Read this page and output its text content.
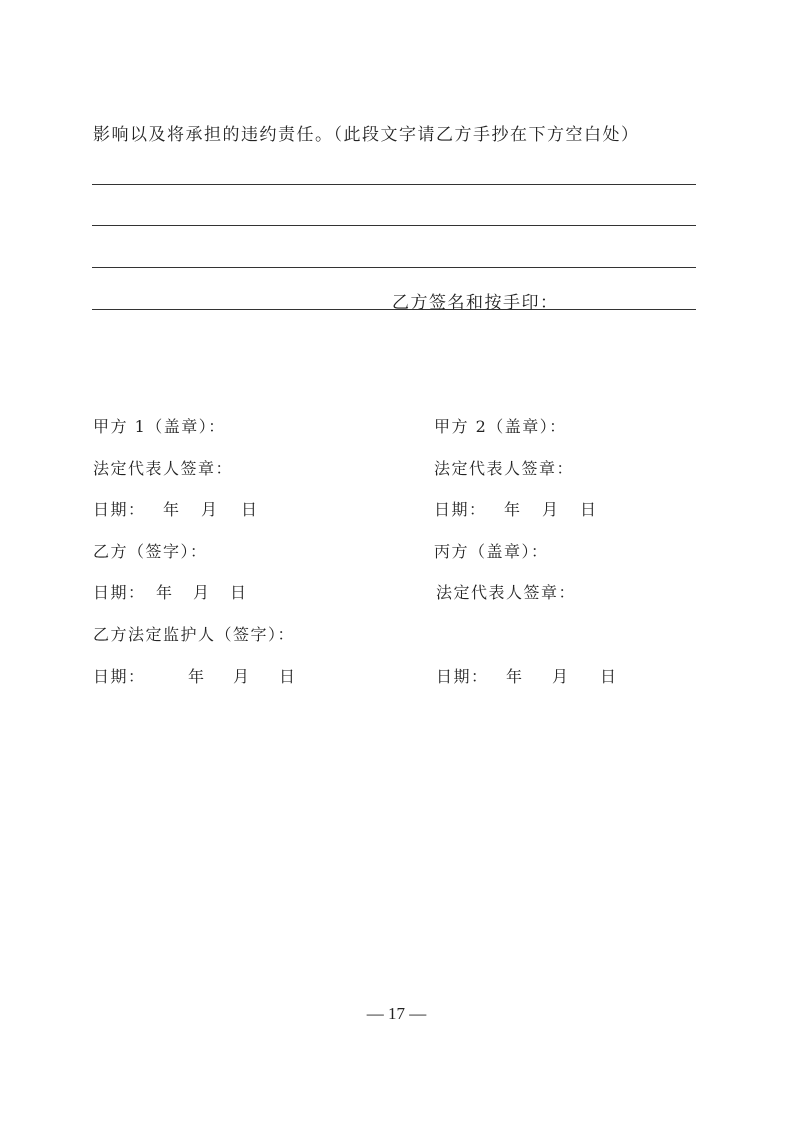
影响以及将承担的违约责任。（此段文字请乙方手抄在下方空白处）

乙方签名和按手印：
甲方 1（盖章）：
法定代表人签章：
日期： 年 月 日
乙方（签字）：
日期： 年 月 日
乙方法定监护人（签字）：
日期：	年 月 日
甲方 2（盖章）：
法定代表人签章：
日期： 年 月 日
丙方（盖章）：
法定代表人签章：
日期： 年 月 日
— 17 —
